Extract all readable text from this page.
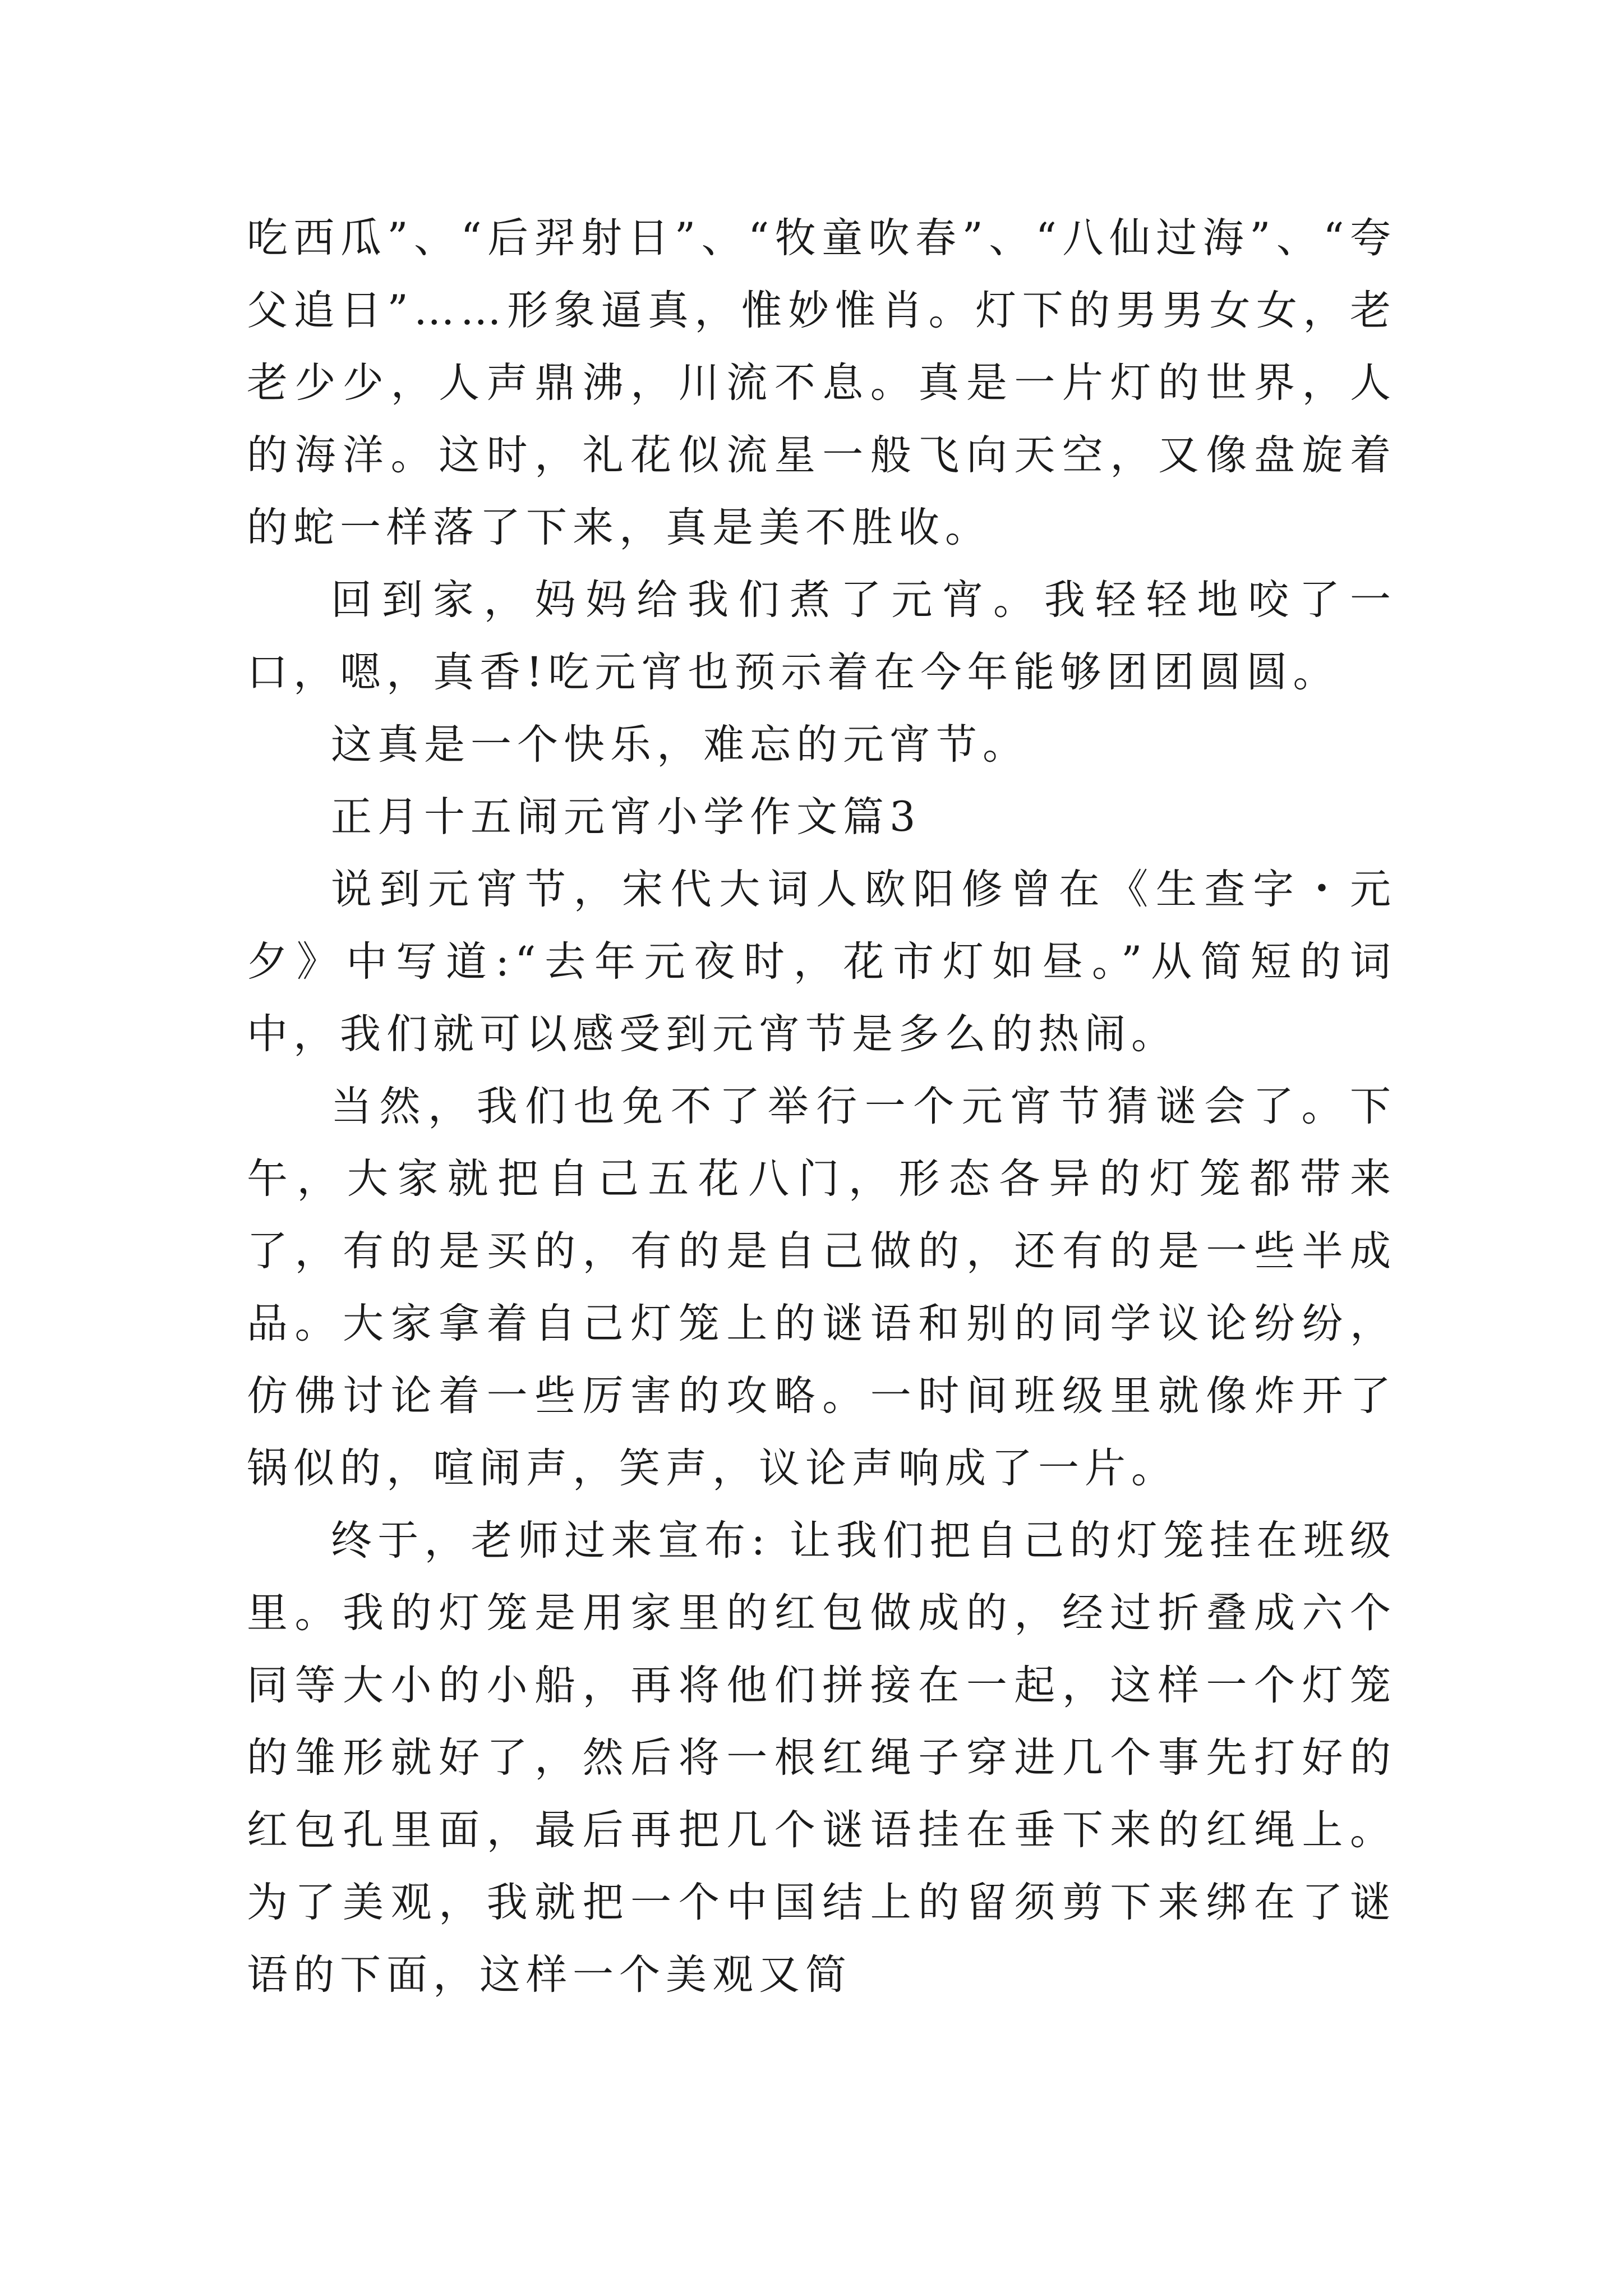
吃西瓜”、“后羿射日”、“牧童吹春”、“八仙过海”、“夸父追日”……形象逼真，惟妙惟肖。灯下的男男女女，老老少少，人声鼎沸，川流不息。真是一片灯的世界，人的海洋。这时，礼花似流星一般飞向天空，又像盘旋着的蛇一样落了下来，真是美不胜收。

回到家，妈妈给我们煮了元宵。我轻轻地咬了一口，嗯，真香!吃元宵也预示着在今年能够团团圆圆。

这真是一个快乐，难忘的元宵节。

正月十五闹元宵小学作文篇3

说到元宵节，宋代大词人欧阳修曾在《生查字・元夕》中写道:“去年元夜时，花市灯如昼。”从简短的词中，我们就可以感受到元宵节是多么的热闹。

当然，我们也免不了举行一个元宵节猜谜会了。下午，大家就把自己五花八门，形态各异的灯笼都带来了，有的是买的，有的是自己做的，还有的是一些半成品。大家拿着自己灯笼上的谜语和别的同学议论纷纷，仿佛讨论着一些厉害的攻略。一时间班级里就像炸开了锅似的，喧闹声，笑声，议论声响成了一片。

终于，老师过来宣布: 让我们把自己的灯笼挂在班级里。我的灯笼是用家里的红包做成的，经过折叠成六个同等大小的小船，再将他们拼接在一起，这样一个灯笼的雏形就好了，然后将一根红绳子穿进几个事先打好的红包孔里面，最后再把几个谜语挂在垂下来的红绳上。为了美观，我就把一个中国结上的留须剪下来绑在了谜语的下面，这样一个美观又简
